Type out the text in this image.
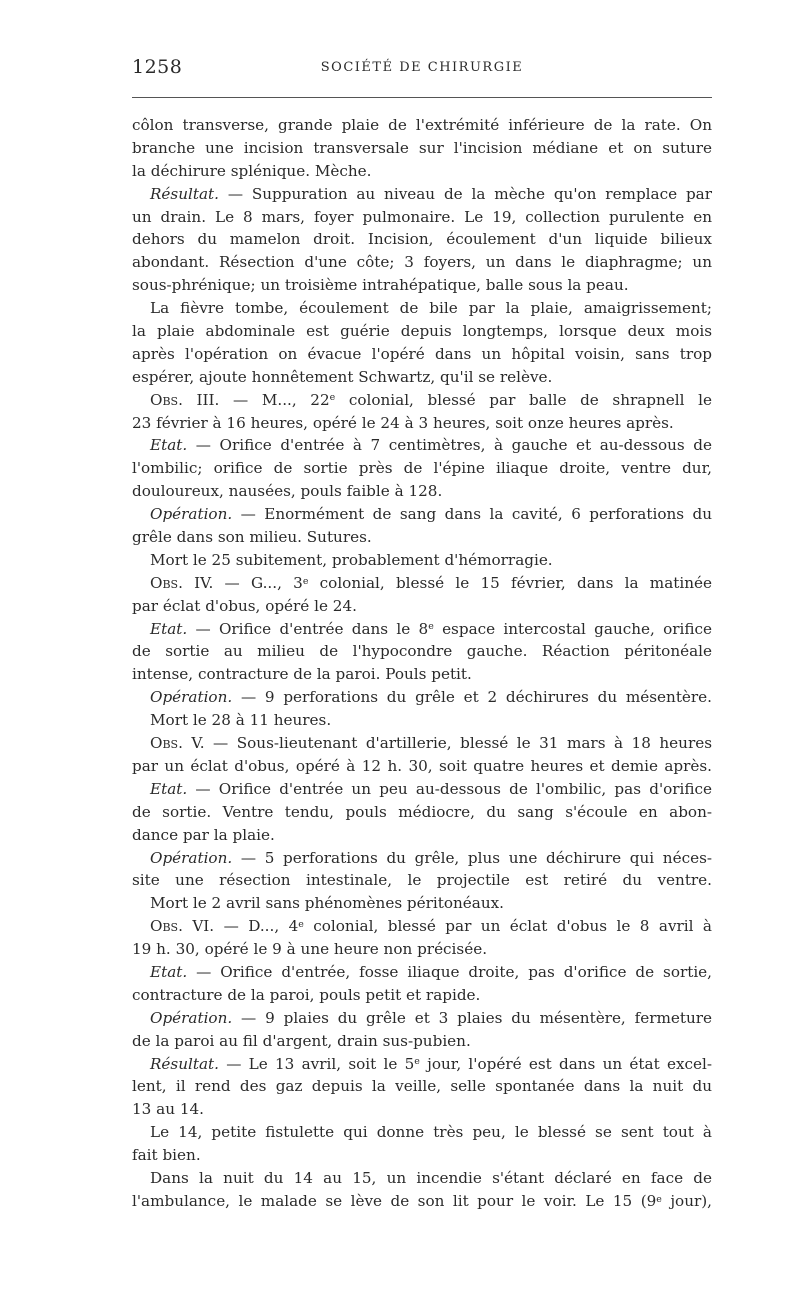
1258	SOCIÉTÉ DE CHIRURGIE
côlon transverse, grande plaie de l'extrémité inférieure de la rate. On
branche une incision transversale sur l'incision médiane et on suture
la déchirure splénique. Mèche.
Résultat. — Suppuration au niveau de la mèche qu'on remplace par
un drain. Le 8 mars, foyer pulmonaire. Le 19, collection purulente en
dehors du mamelon droit. Incision, écoulement d'un liquide bilieux
abondant. Résection d'une côte; 3 foyers, un dans le diaphragme; un
sous-phrénique; un troisième intrahépatique, balle sous la peau.
La fièvre tombe, écoulement de bile par la plaie, amaigrissement;
la plaie abdominale est guérie depuis longtemps, lorsque deux mois
après l'opération on évacue l'opéré dans un hôpital voisin, sans trop
espérer, ajoute honnêtement Schwartz, qu'il se relève.
Obs. III. — M..., 22e colonial, blessé par balle de shrapnell le
23 février à 16 heures, opéré le 24 à 3 heures, soit onze heures après.
Etat. — Orifice d'entrée à 7 centimètres, à gauche et au-dessous de
l'ombilic; orifice de sortie près de l'épine iliaque droite, ventre dur,
douloureux, nausées, pouls faible à 128.
Opération. — Enormément de sang dans la cavité, 6 perforations du
grêle dans son milieu. Sutures.
Mort le 25 subitement, probablement d'hémorragie.
Obs. IV. — G..., 3e colonial, blessé le 15 février, dans la matinée
par éclat d'obus, opéré le 24.
Etat. — Orifice d'entrée dans le 8e espace intercostal gauche, orifice
de sortie au milieu de l'hypocondre gauche. Réaction péritonéale
intense, contracture de la paroi. Pouls petit.
Opération. — 9 perforations du grêle et 2 déchirures du mésentère.
Mort le 28 à 11 heures.
Obs. V. — Sous-lieutenant d'artillerie, blessé le 31 mars à 18 heures
par un éclat d'obus, opéré à 12 h. 30, soit quatre heures et demie après.
Etat. — Orifice d'entrée un peu au-dessous de l'ombilic, pas d'orifice
de sortie. Ventre tendu, pouls médiocre, du sang s'écoule en abon-
dance par la plaie.
Opération. — 5 perforations du grêle, plus une déchirure qui néces-
site une résection intestinale, le projectile est retiré du ventre.
Mort le 2 avril sans phénomènes péritonéaux.
Obs. VI. — D..., 4e colonial, blessé par un éclat d'obus le 8 avril à
19 h. 30, opéré le 9 à une heure non précisée.
Etat. — Orifice d'entrée, fosse iliaque droite, pas d'orifice de sortie,
contracture de la paroi, pouls petit et rapide.
Opération. — 9 plaies du grêle et 3 plaies du mésentère, fermeture
de la paroi au fil d'argent, drain sus-pubien.
Résultat. — Le 13 avril, soit le 5e jour, l'opéré est dans un état excel-
lent, il rend des gaz depuis la veille, selle spontanée dans la nuit du
13 au 14.
Le 14, petite fistulette qui donne très peu, le blessé se sent tout à
fait bien.
Dans la nuit du 14 au 15, un incendie s'étant déclaré en face de
l'ambulance, le malade se lève de son lit pour le voir. Le 15 (9e jour),
